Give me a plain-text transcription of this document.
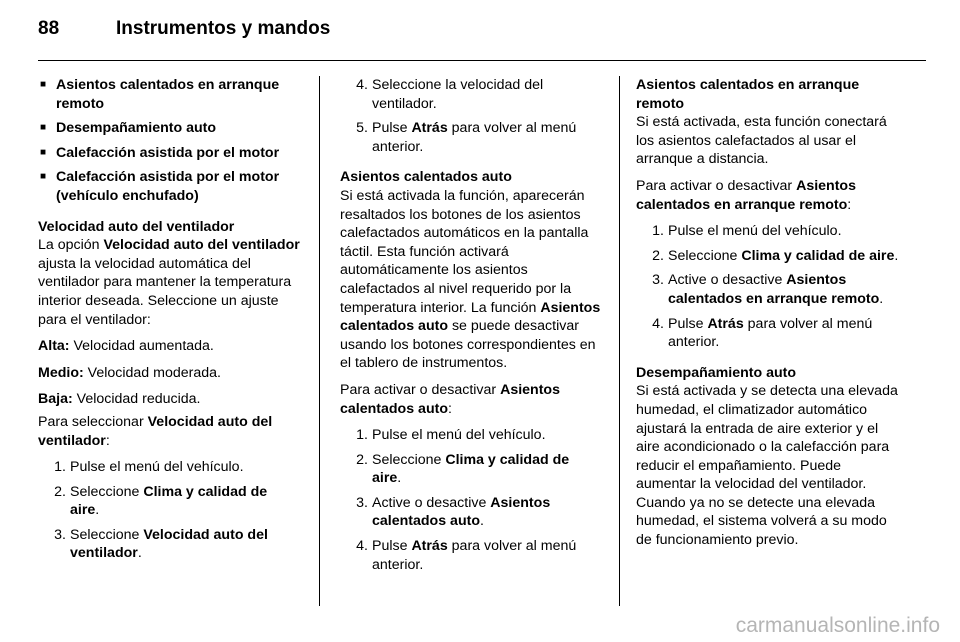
88	Instrumentos y mandos

■ Asientos calentados en arranque remoto

■ Desempañamiento auto

■ Calefacción asistida por el motor

■ Calefacción asistida por el motor (vehículo enchufado)

Velocidad auto del ventilador

La opción Velocidad auto del ventilador ajusta la velocidad automática del ventilador para mantener la temperatura interior deseada. Seleccione un ajuste para el ventilador:

Alta: Velocidad aumentada.

Medio: Velocidad moderada.

Baja: Velocidad reducida.

Para seleccionar Velocidad auto del ventilador:

1. Pulse el menú del vehículo.
2. Seleccione Clima y calidad de aire.
3. Seleccione Velocidad auto del ventilador.
4. Seleccione la velocidad del ventilador.
5. Pulse Atrás para volver al menú anterior.

Asientos calentados auto

Si está activada la función, aparecerán resaltados los botones de los asientos calefactados automáticos en la pantalla táctil. Esta función activará automáticamente los asientos calefactados al nivel requerido por la temperatura interior. La función Asientos calentados auto se puede desactivar usando los botones correspondientes en el tablero de instrumentos.

Para activar o desactivar Asientos calentados auto:

1. Pulse el menú del vehículo.
2. Seleccione Clima y calidad de aire.
3. Active o desactive Asientos calentados auto.
4. Pulse Atrás para volver al menú anterior.

Asientos calentados en arranque remoto

Si está activada, esta función conectará los asientos calefactados al usar el arranque a distancia.

Para activar o desactivar Asientos calentados en arranque remoto:

1. Pulse el menú del vehículo.
2. Seleccione Clima y calidad de aire.
3. Active o desactive Asientos calentados en arranque remoto.
4. Pulse Atrás para volver al menú anterior.

Desempañamiento auto

Si está activada y se detecta una elevada humedad, el climatizador automático ajustará la entrada de aire exterior y el aire acondicionado o la calefacción para reducir el empañamiento. Puede aumentar la velocidad del ventilador. Cuando ya no se detecte una elevada humedad, el sistema volverá a su modo de funcionamiento previo.

carmanualsonline.info
